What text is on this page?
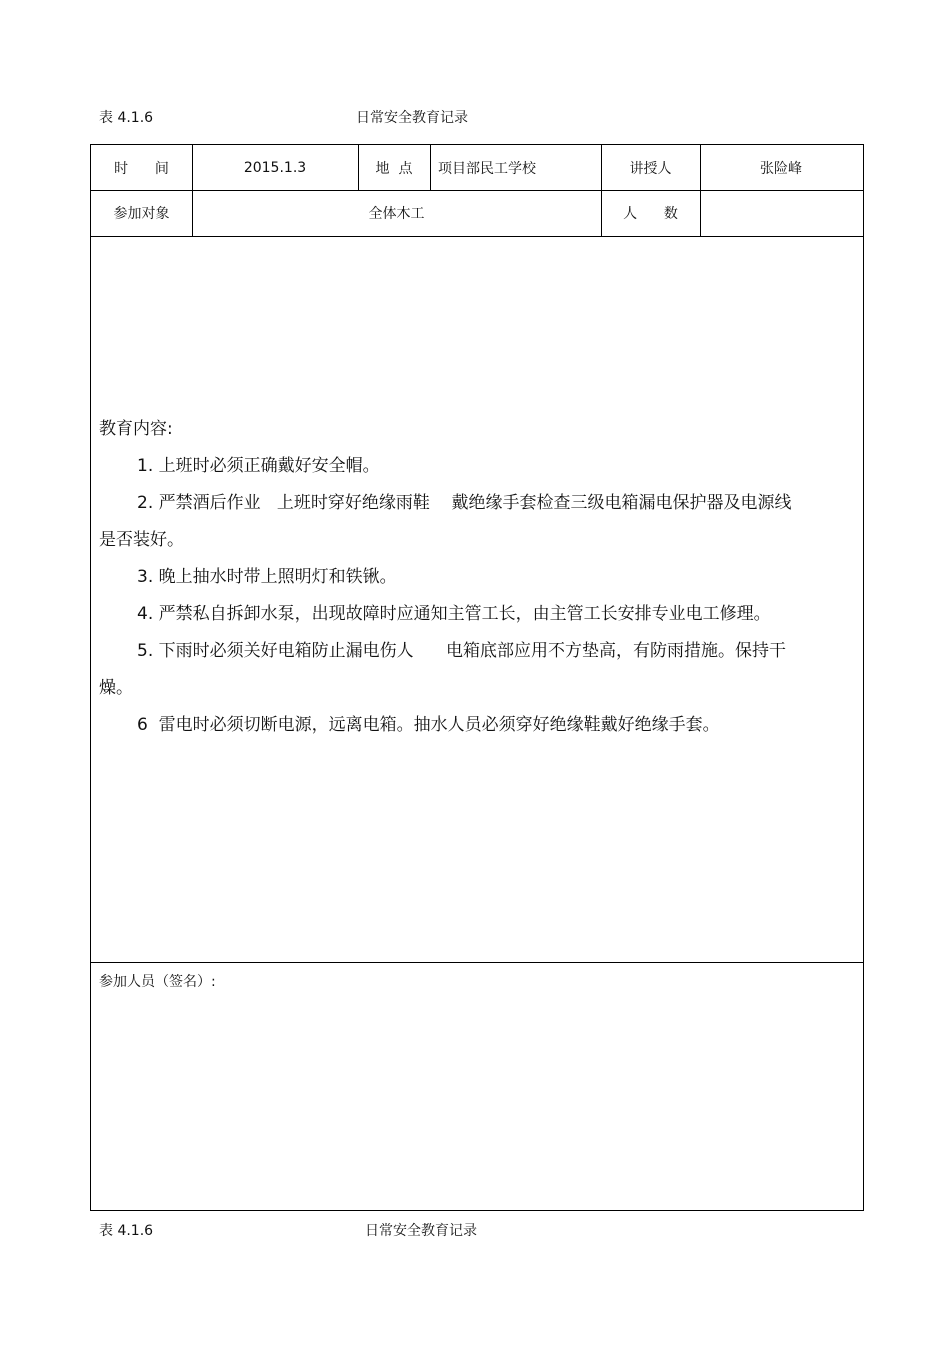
表 4.1.6	日常安全教育记录
时      间	2015.1.3	地  点	项目部民工学校	讲授人	张险峰
参加对象	全体木工	人      数

教育内容:

1. 上班时必须正确戴好安全帽。

2. 严禁酒后作业   上班时穿好绝缘雨鞋    戴绝缘手套检查三级电箱漏电保护器及电源线

是否装好。

3. 晚上抽水时带上照明灯和铁锹。

4. 严禁私自拆卸水泵，出现故障时应通知主管工长，由主管工长安排专业电工修理。

5. 下雨时必须关好电箱防止漏电伤人      电箱底部应用不方垫高，有防雨措施。保持干

燥。

6  雷电时必须切断电源，远离电箱。抽水人员必须穿好绝缘鞋戴好绝缘手套。

参加人员（签名）:
表 4.1.6	日常安全教育记录
